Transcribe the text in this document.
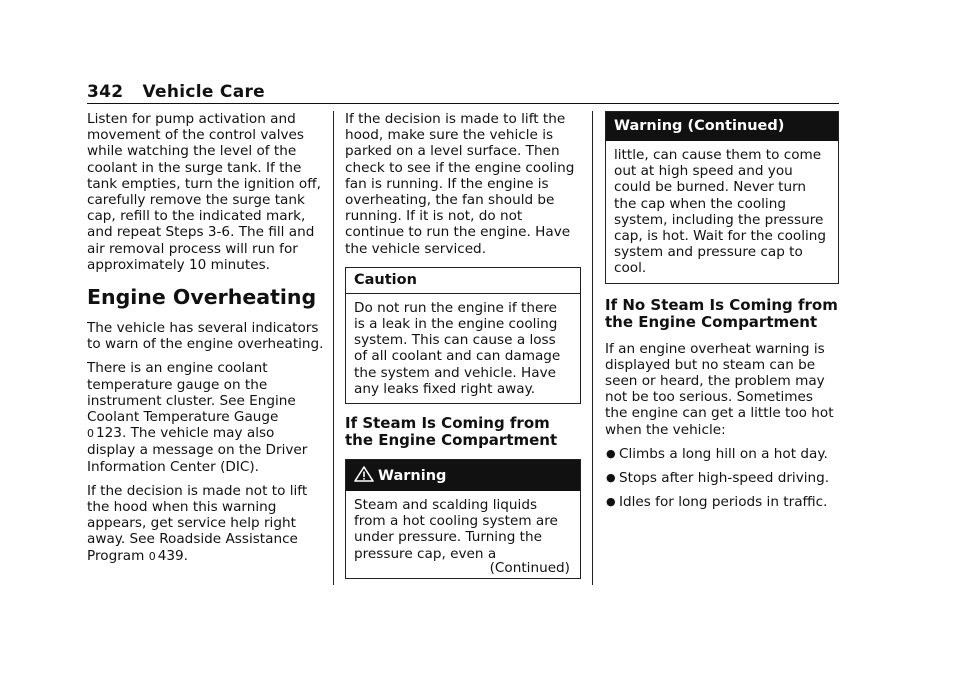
342 Vehicle Care

Listen for pump activation and movement of the control valves while watching the level of the coolant in the surge tank. If the tank empties, turn the ignition off, carefully remove the surge tank cap, refill to the indicated mark, and repeat Steps 3-6. The fill and air removal process will run for approximately 10 minutes.

Engine Overheating

The vehicle has several indicators to warn of the engine overheating.

There is an engine coolant temperature gauge on the instrument cluster. See Engine Coolant Temperature Gauge
0 123. The vehicle may also display a message on the Driver Information Center (DIC).

If the decision is made not to lift the hood when this warning appears, get service help right away. See Roadside Assistance Program 0 439.

If the decision is made to lift the hood, make sure the vehicle is parked on a level surface. Then check to see if the engine cooling fan is running. If the engine is overheating, the fan should be running. If it is not, do not continue to run the engine. Have the vehicle serviced.

Caution
Do not run the engine if there is a leak in the engine cooling system. This can cause a loss of all coolant and can damage the system and vehicle. Have any leaks fixed right away.
If Steam Is Coming from the Engine Compartment
Warning
Steam and scalding liquids from a hot cooling system are under pressure. Turning the pressure cap, even a
(Continued)
Warning (Continued)
little, can cause them to come out at high speed and you could be burned. Never turn the cap when the cooling system, including the pressure cap, is hot. Wait for the cooling system and pressure cap to cool.
If No Steam Is Coming from the Engine Compartment

If an engine overheat warning is displayed but no steam can be seen or heard, the problem may not be too serious. Sometimes the engine can get a little too hot when the vehicle:

● Climbs a long hill on a hot day.
● Stops after high-speed driving.
● Idles for long periods in traffic.
